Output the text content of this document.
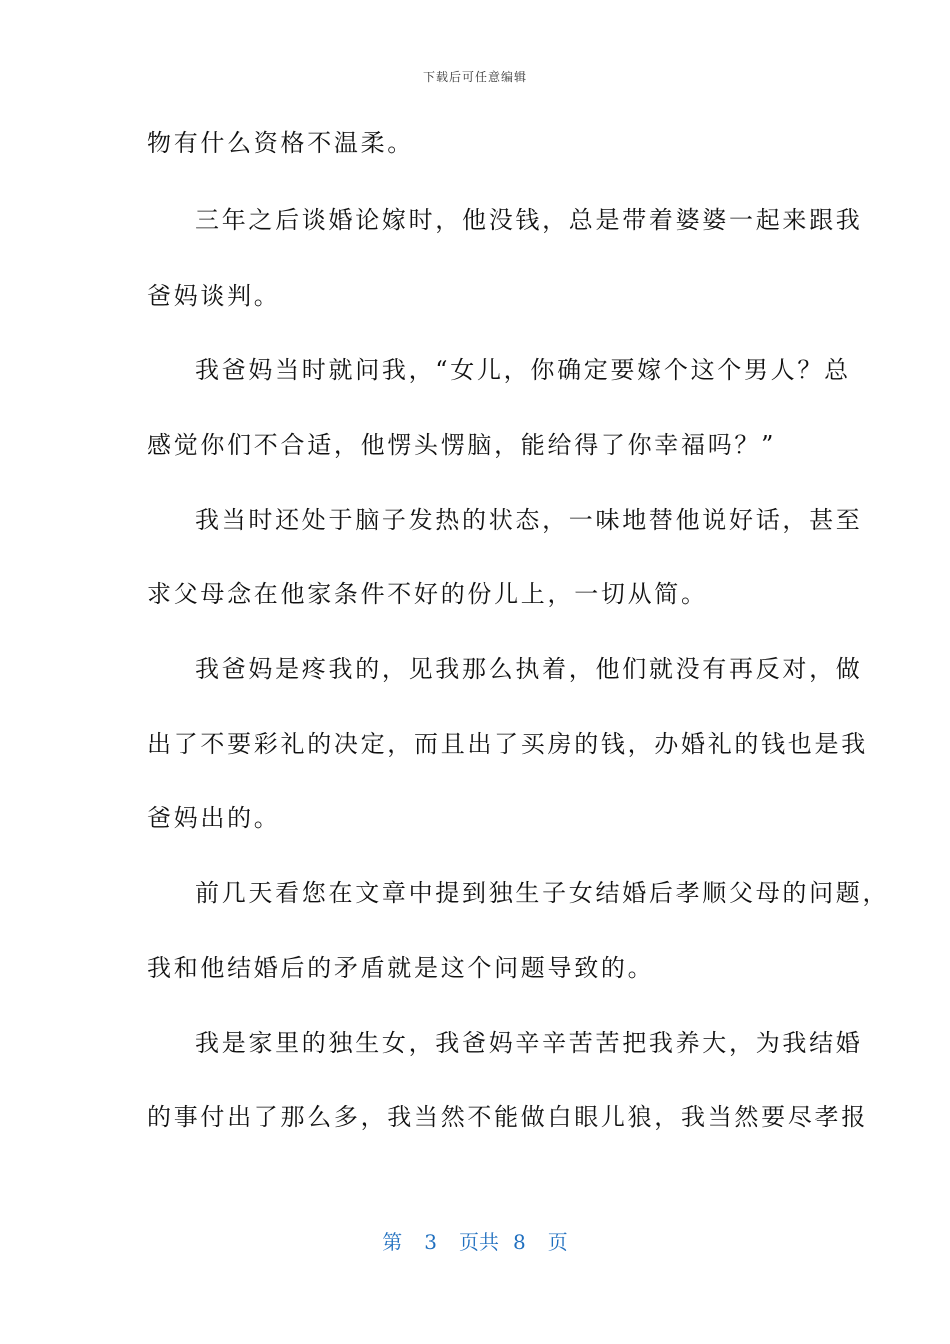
下载后可任意编辑
物有什么资格不温柔。
三年之后谈婚论嫁时，他没钱，总是带着婆婆一起来跟我
爸妈谈判。
我爸妈当时就问我，“女儿，你确定要嫁个这个男人？总
感觉你们不合适，他愣头愣脑，能给得了你幸福吗？”
我当时还处于脑子发热的状态，一味地替他说好话，甚至
求父母念在他家条件不好的份儿上，一切从简。
我爸妈是疼我的，见我那么执着，他们就没有再反对，做
出了不要彩礼的决定，而且出了买房的钱，办婚礼的钱也是我
爸妈出的。
前几天看您在文章中提到独生子女结婚后孝顺父母的问题，
我和他结婚后的矛盾就是这个问题导致的。
我是家里的独生女，我爸妈辛辛苦苦把我养大，为我结婚
的事付出了那么多，我当然不能做白眼儿狼，我当然要尽孝报
第 3 页共 8 页
